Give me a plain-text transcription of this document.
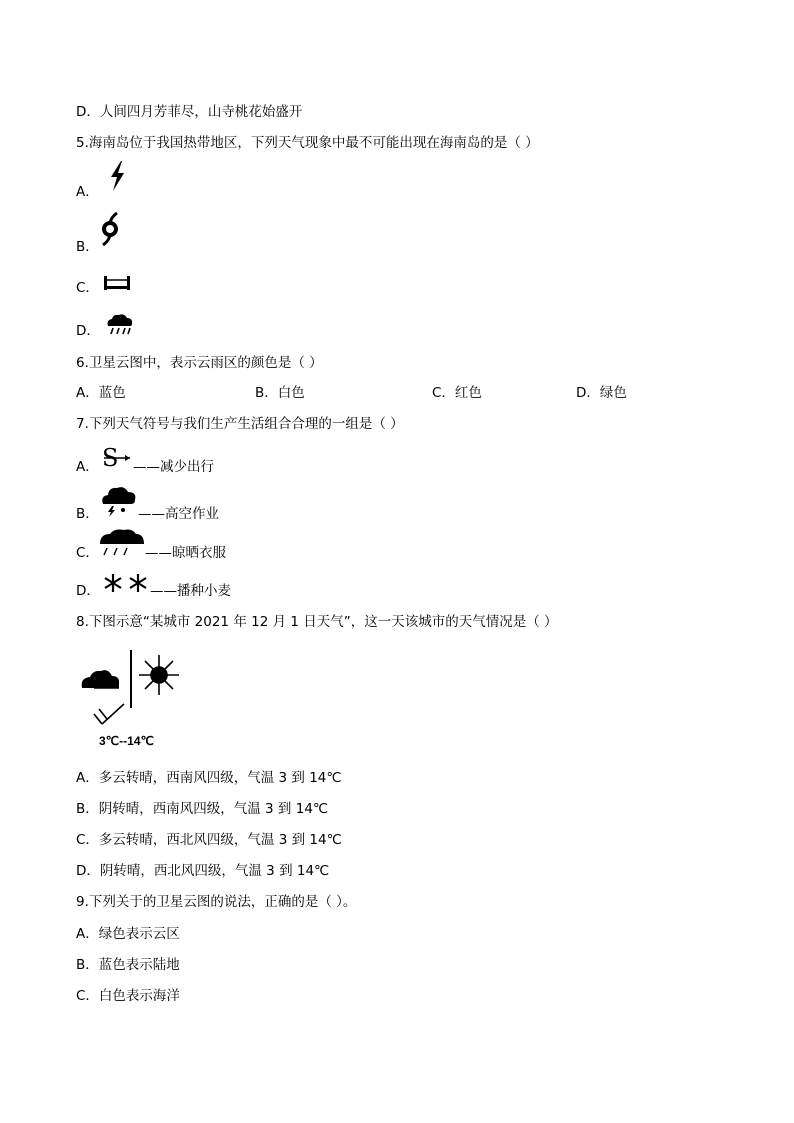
D．人间四月芳菲尽，山寺桃花始盛开
5.海南岛位于我国热带地区，下列天气现象中最不可能出现在海南岛的是（ ）
A．
B．
C．
D．
6.卫星云图中，表示云雨区的颜色是（ ）
A．蓝色	B．白色	C．红色	D．绿色
7.下列天气符号与我们生产生活组合合理的一组是（ ）
A． S ——减少出行
B．	——高空作业
C．	——晾晒衣服
D．	——播种小麦
8.下图示意“某城市 2021 年 12 月 1 日天气”，这一天该城市的天气情况是（ ）
3℃--14℃
A．多云转晴，西南风四级，气温 3 到 14℃
B．阴转晴，西南风四级，气温 3 到 14℃
C．多云转晴，西北风四级，气温 3 到 14℃
D．阴转晴，西北风四级，气温 3 到 14℃
9.下列关于的卫星云图的说法，正确的是（ ）。
A．绿色表示云区
B．蓝色表示陆地
C．白色表示海洋
